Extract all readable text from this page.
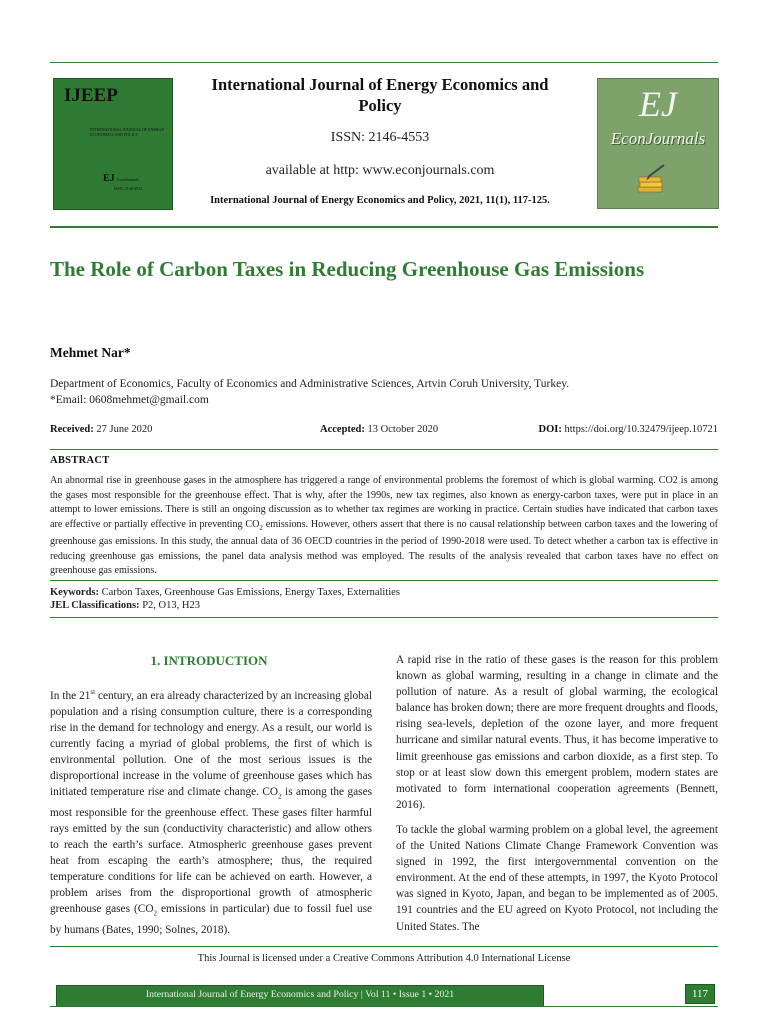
IJEEP
INTERNATIONAL JOURNAL OF ENERGY ECONOMICS AND POLICY
EJ EconJournals
ISSN: 2146-4553
International Journal of Energy Economics and Policy
ISSN: 2146-4553
available at http: www.econjournals.com
International Journal of Energy Economics and Policy, 2021, 11(1), 117-125.
EJ
EconJournals
The Role of Carbon Taxes in Reducing Greenhouse Gas Emissions
Mehmet Nar*
Department of Economics, Faculty of Economics and Administrative Sciences, Artvin Coruh University, Turkey.
*Email: 0608mehmet@gmail.com
Received: 27 June 2020	Accepted: 13 October 2020	DOI: https://doi.org/10.32479/ijeep.10721
ABSTRACT
An abnormal rise in greenhouse gases in the atmosphere has triggered a range of environmental problems the foremost of which is global warming. CO2 is among the gases most responsible for the greenhouse effect. That is why, after the 1990s, new tax regimes, also known as energy-carbon taxes, were put in place in an attempt to lower emissions. There is still an ongoing discussion as to whether tax regimes are working in practice. Certain studies have indicated that carbon taxes are effective or partially effective in preventing $CO_2$ emissions. However, others assert that there is no causal relationship between carbon taxes and the lowering of greenhouse gas emissions. In this study, the annual data of 36 OECD countries in the period of 1990-2018 were used. To detect whether a carbon tax is effective in reducing greenhouse gas emissions, the panel data analysis method was employed. The results of the analysis revealed that carbon taxes have no effect on greenhouse gas emissions.
Keywords: Carbon Taxes, Greenhouse Gas Emissions, Energy Taxes, Externalities
JEL Classifications: P2, O13, H23
1. INTRODUCTION
In the 21st century, an era already characterized by an increasing global population and a rising consumption culture, there is a corresponding rise in the demand for technology and energy. As a result, our world is currently facing a myriad of global problems, the first of which is environmental pollution. One of the most serious issues is the disproportional increase in the volume of greenhouse gases which has initiated temperature rise and climate change. $CO_2$ is among the gases most responsible for the greenhouse effect. These gases filter harmful rays emitted by the sun (conductivity characteristic) and allow others to reach the earth’s surface. Atmospheric greenhouse gases prevent heat from escaping the earth’s atmosphere; thus, the required temperature conditions for life can be achieved on earth. However, a problem arises from the disproportional growth of atmospheric greenhouse gases ($CO_2$ emissions in particular) due to fossil fuel use by humans (Bates, 1990; Solnes, 2018).
A rapid rise in the ratio of these gases is the reason for this problem known as global warming, resulting in a change in climate and the pollution of nature. As a result of global warming, the ecological balance has broken down; there are more frequent droughts and floods, rising sea-levels, depletion of the ozone layer, and more frequent hurricane and similar natural events. Thus, it has become imperative to limit greenhouse gas emissions and carbon dioxide, as a first step. To stop or at least slow down this emergent problem, modern states are motivated to form international cooperation agreements (Bennett, 2016).
To tackle the global warming problem on a global level, the agreement of the United Nations Climate Change Framework Convention was signed in 1992, the first intergovernmental convention on the environment. At the end of these attempts, in 1997, the Kyoto Protocol was signed in Kyoto, Japan, and began to be implemented as of 2005. 191 countries and the EU agreed on Kyoto Protocol, not including the United States. The
This Journal is licensed under a Creative Commons Attribution 4.0 International License
International Journal of Energy Economics and Policy | Vol 11 • Issue 1 • 2021	117
